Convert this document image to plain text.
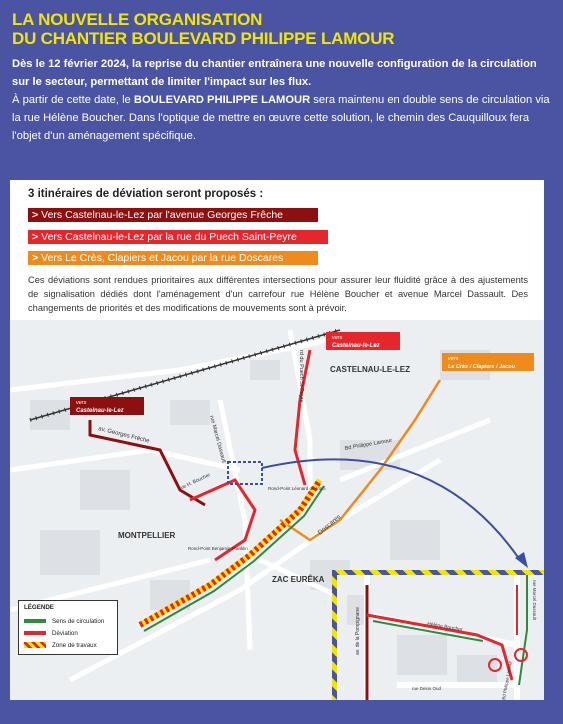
LA NOUVELLE ORGANISATION
DU CHANTIER BOULEVARD PHILIPPE LAMOUR
Dès le 12 février 2024, la reprise du chantier entraînera une nouvelle configuration de la circulation sur le secteur, permettant de limiter l'impact sur les flux.
À partir de cette date, le BOULEVARD PHILIPPE LAMOUR sera maintenu en double sens de circulation via la rue Hélène Boucher. Dans l'optique de mettre en œuvre cette solution, le chemin des Cauquilloux fera l'objet d'un aménagement spécifique.
3 itinéraires de déviation seront proposés :
> Vers Castelnau-le-Lez par l'avenue Georges Frêche
> Vers Castelnau-le-Lez par la rue du Puech Saint-Peyre
> Vers Le Crès, Clapiers et Jacou par la rue Doscares
Ces déviations sont rendues prioritaires aux différentes intersections pour assurer leur fluidité grâce à des ajustements de signalisation dédiés dont l'aménagement d'un carrefour rue Hélène Boucher et avenue Marcel Dassault. Des changements de priorités et des modifications de mouvements sont à prévoir.
CASTELNAU-LE-LEZ
MONTPELLIER
ZAC EURÊKA
av. Georges Frêche	rue Marcel Dassault
rd du Puech St-Peyre
Bd Philippe Lamour
Doscares
rue H. Boucher
Rond-Point Benjamin Franklin
Rond-Point Léonard de Vinci
vers
Castelnau-le-Lez
vers
Castelnau-le-Lez
vers
Le Crès / Clapiers / Jacou
LÉGENDE
Sens de circulation
Déviation
Zone de travaux	av. de la Pompignane	Hélène Boucher
rue Marcel Dassault
Bd Philippe Lamour
rue Delos Oud
